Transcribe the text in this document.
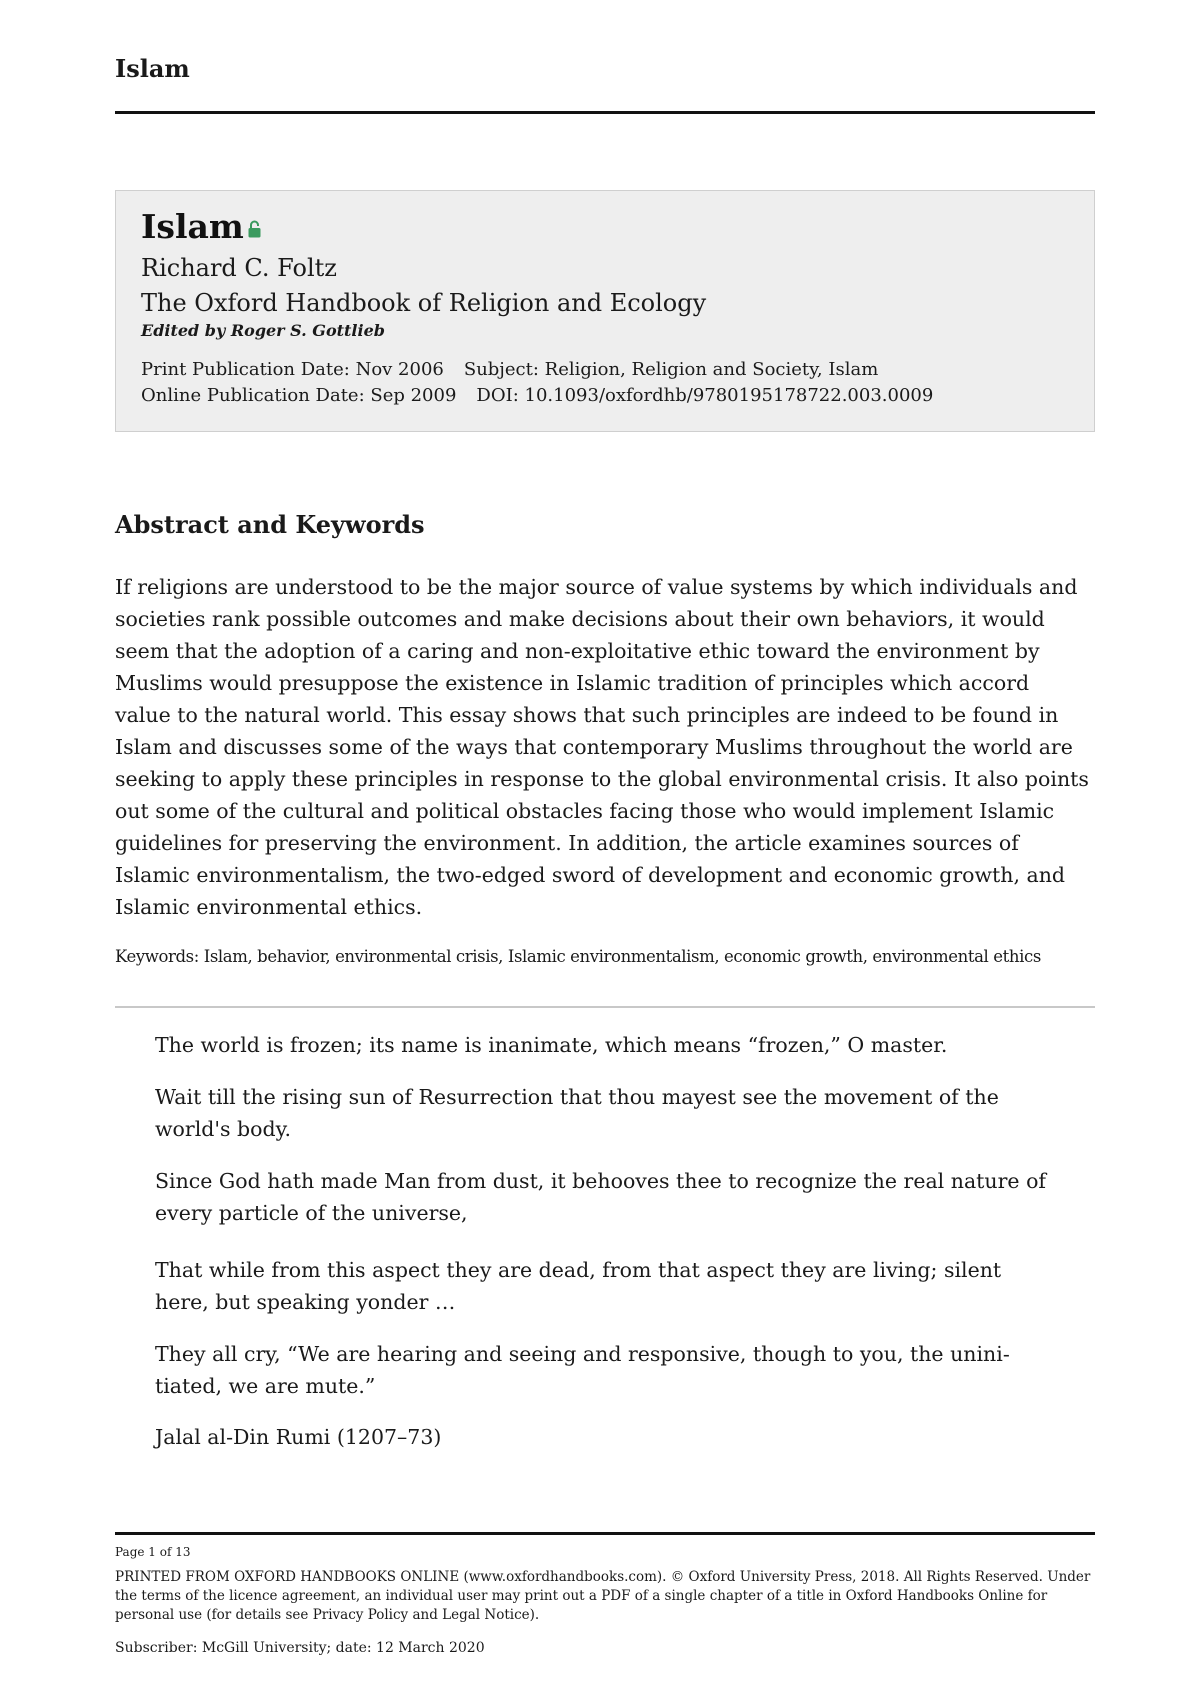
Islam
Islam
Richard C. Foltz
The Oxford Handbook of Religion and Ecology
Edited by Roger S. Gottlieb
Print Publication Date: Nov 2006 Subject: Religion, Religion and Society, Islam
Online Publication Date: Sep 2009 DOI: 10.1093/oxfordhb/9780195178722.003.0009
Abstract and Keywords
If religions are understood to be the major source of value systems by which individuals and societies rank possible outcomes and make decisions about their own behaviors, it would seem that the adoption of a caring and non-exploitative ethic toward the environment by Muslims would presuppose the existence in Islamic tradition of principles which accord value to the natural world. This essay shows that such principles are indeed to be found in Islam and discusses some of the ways that contemporary Muslims throughout the world are seeking to apply these principles in response to the global environmental crisis. It also points out some of the cultural and political obstacles facing those who would implement Islamic guidelines for preserving the environment. In addition, the article examines sources of Islamic environmentalism, the two-edged sword of development and economic growth, and Islamic environmental ethics.
Keywords: Islam, behavior, environmental crisis, Islamic environmentalism, economic growth, environmental ethics
The world is frozen; its name is inanimate, which means “frozen,” O master.
Wait till the rising sun of Resurrection that thou mayest see the movement of the world's body.
Since God hath made Man from dust, it behooves thee to recognize the real nature of every particle of the universe,
That while from this aspect they are dead, from that aspect they are living; silent here, but speaking yonder …
They all cry, “We are hearing and seeing and responsive, though to you, the uninitiated, we are mute.”
Jalal al-Din Rumi (1207–73)
Page 1 of 13
PRINTED FROM OXFORD HANDBOOKS ONLINE (www.oxfordhandbooks.com). © Oxford University Press, 2018. All Rights Reserved. Under the terms of the licence agreement, an individual user may print out a PDF of a single chapter of a title in Oxford Handbooks Online for personal use (for details see Privacy Policy and Legal Notice).
Subscriber: McGill University; date: 12 March 2020
